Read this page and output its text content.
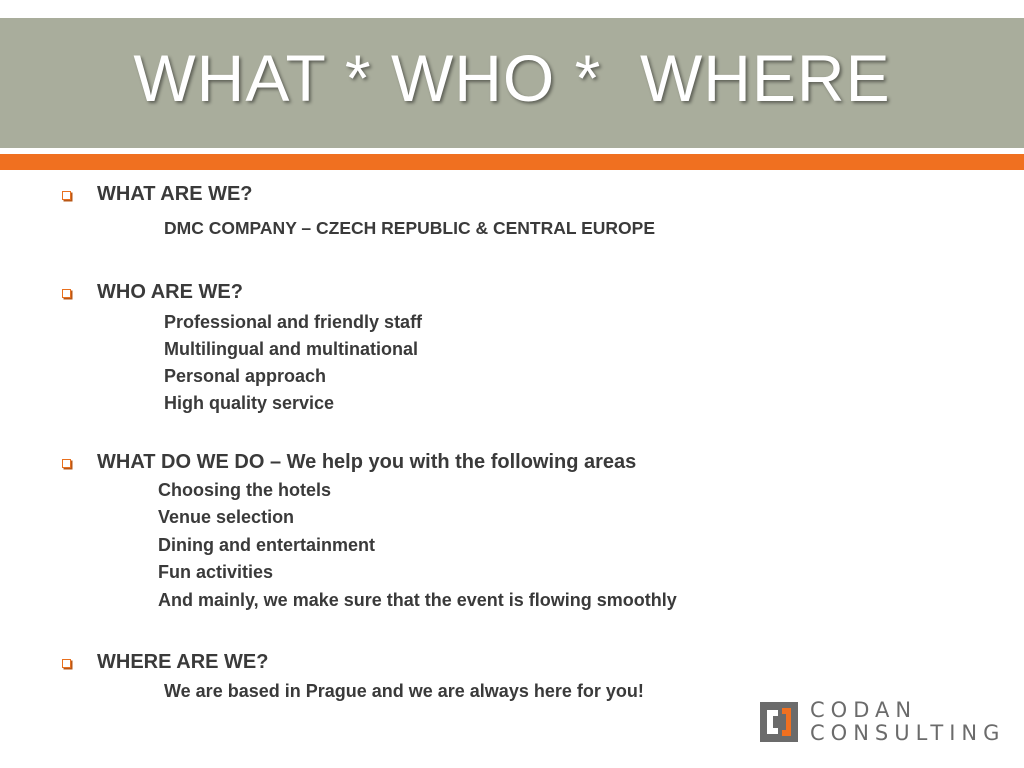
WHAT * WHO *  WHERE
WHAT ARE WE?
DMC COMPANY – CZECH REPUBLIC & CENTRAL EUROPE
WHO ARE WE?
Professional and friendly staff
Multilingual and multinational
Personal approach
High quality service
WHAT DO WE DO – We help you with the following areas
Choosing the hotels
Venue selection
Dining and entertainment
Fun activities
And mainly, we make sure that the event is flowing smoothly
WHERE ARE WE?
We are based in Prague and we are always here for you!
CODAN
CONSULTING
